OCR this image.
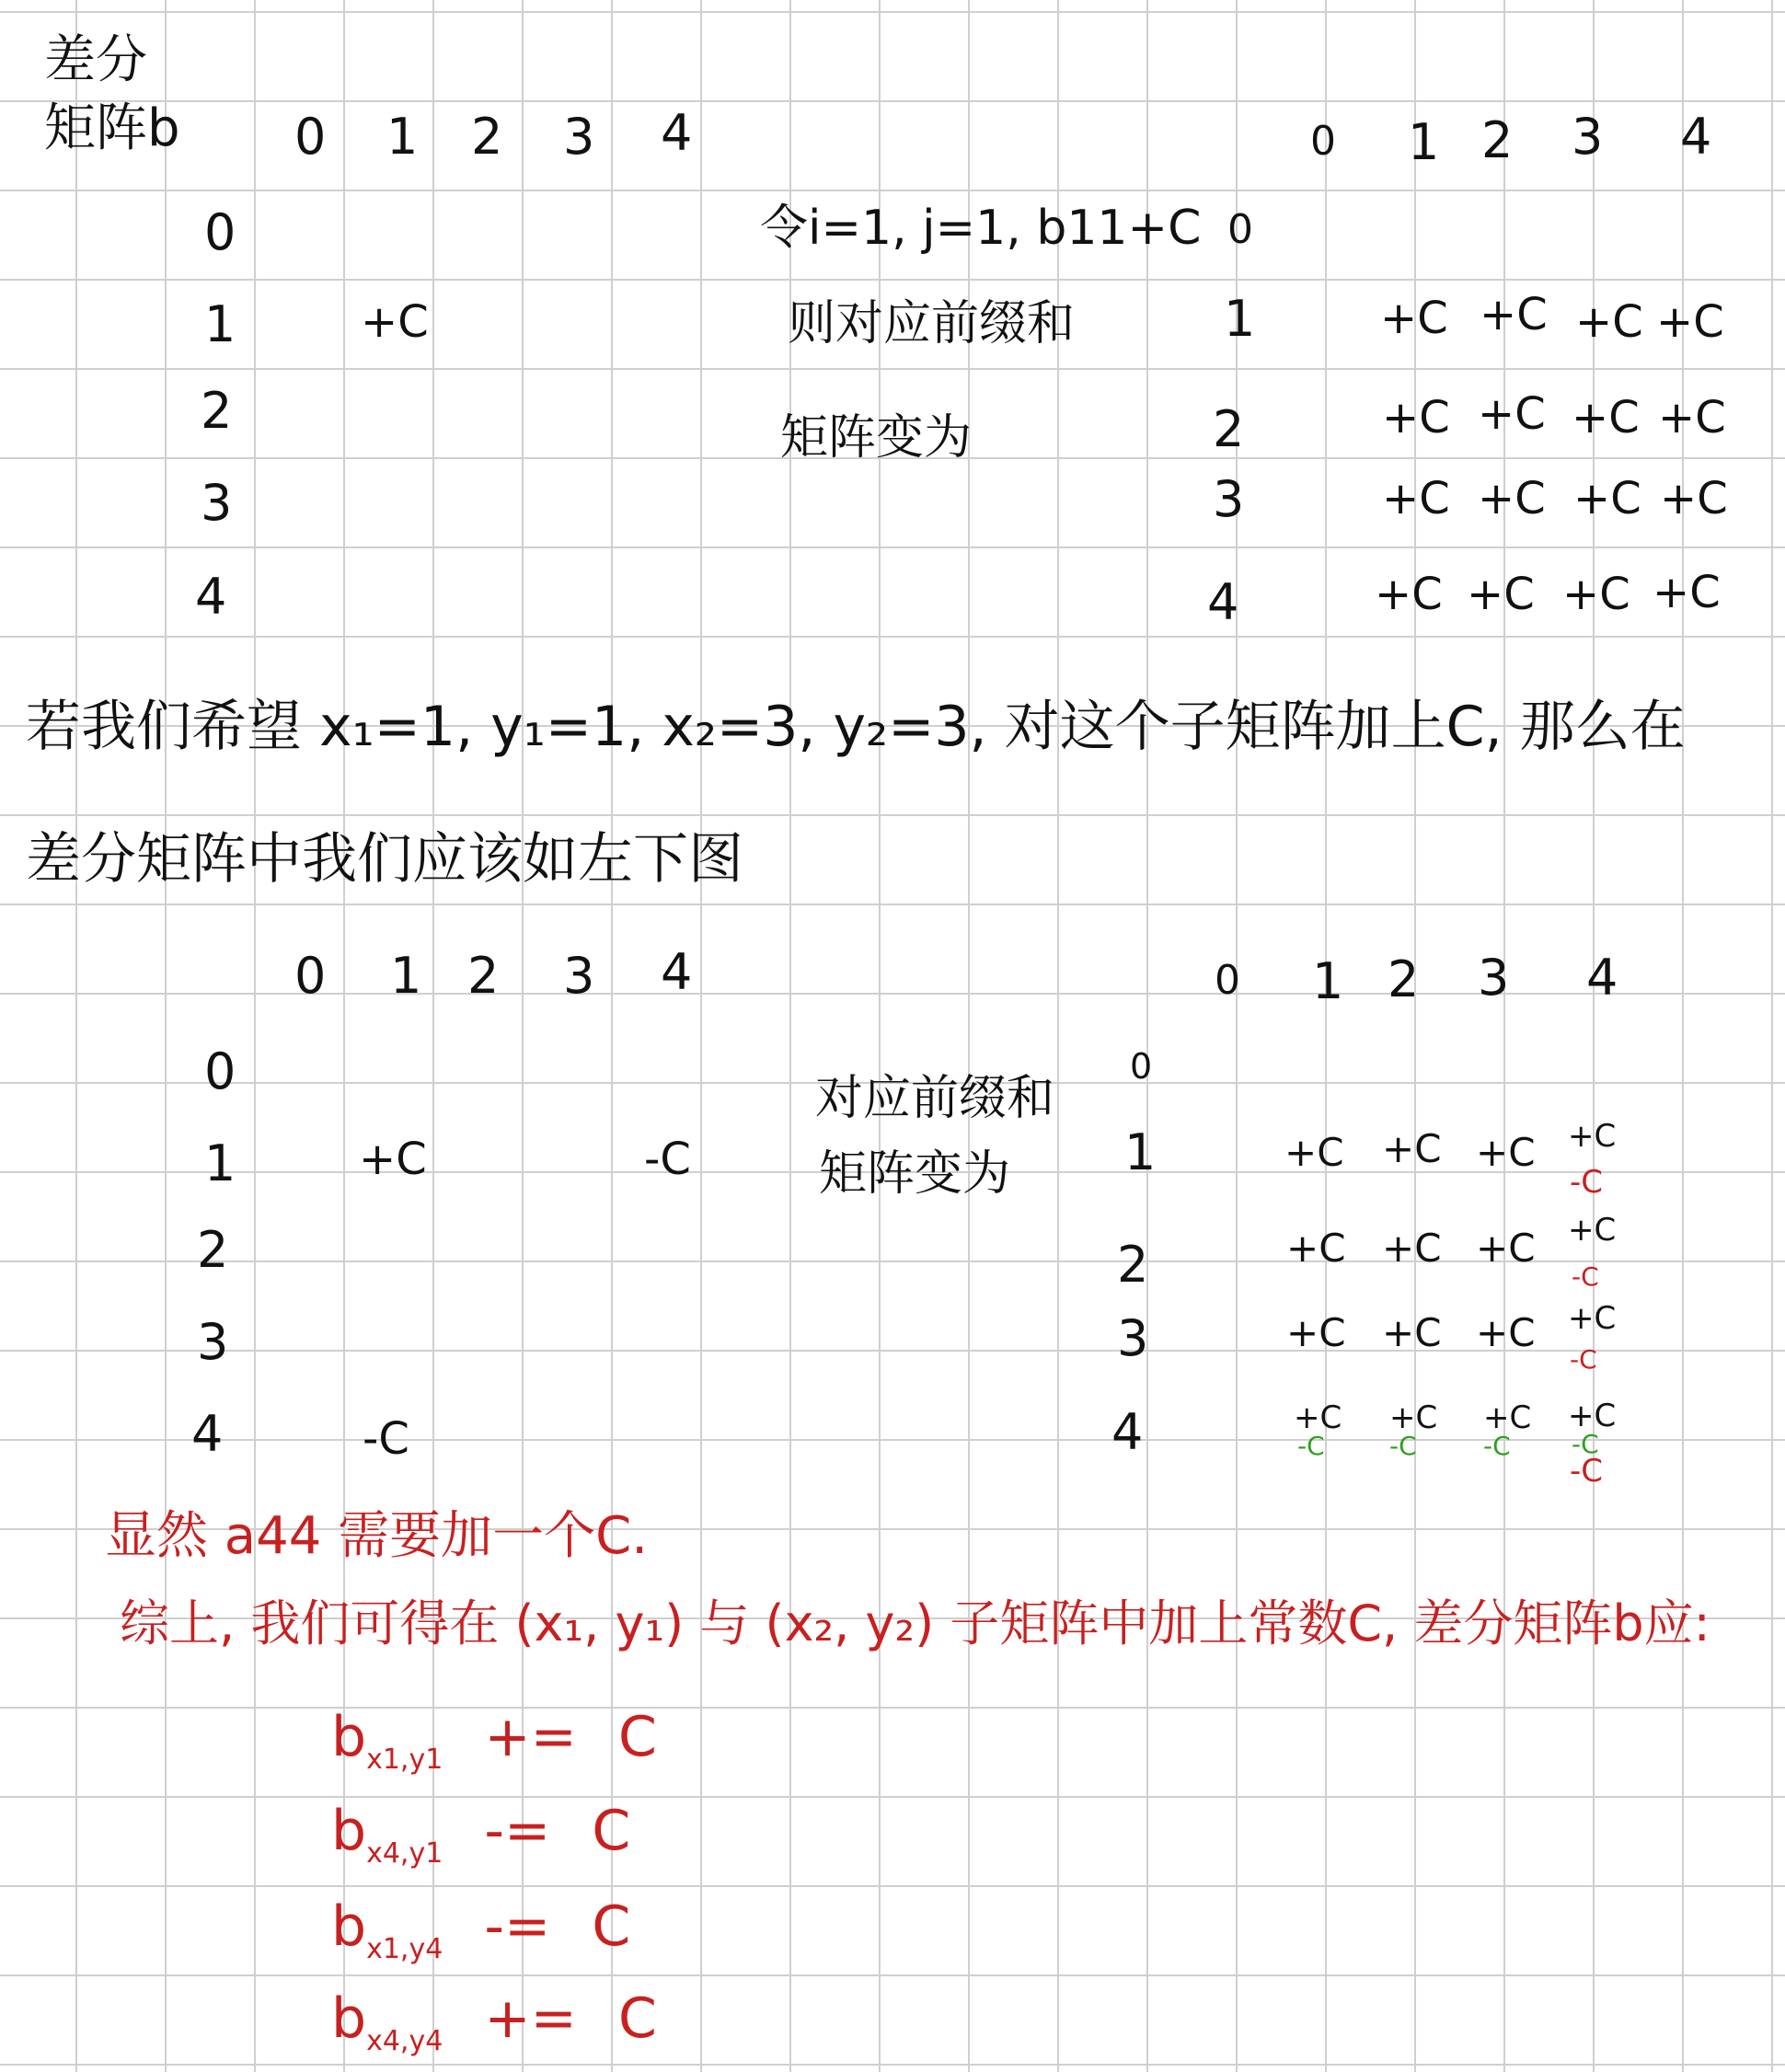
差分
矩阵b 0 1 2 3 4
0
1
2
3
4
+C
令i=1, j=1, b11+C
则对应前缀和
矩阵变为
0 1 2 3 4
0
1
2
3
4
+C +C +C +C
+C +C +C +C
+C +C +C +C
+C +C +C +C
若我们希望 x₁=1, y₁=1, x₂=3, y₂=3, 对这个子矩阵加上C, 那么在
差分矩阵中我们应该如左下图
0 1 2 3 4
0
1
2
3
4
+C	-C
-C
对应前缀和
矩阵变为
0 1 2 3 4
0
1
2
3
4
+C +C +C +C
-C
+C +C +C +C
-C
+C +C +C +C
-C
+C
-C
+C
-C
+C
-C
+C
-C
-C
显然 a44 需要加一个C.
综上, 我们可得在 (x₁, y₁) 与 (x₂, y₂) 子矩阵中加上常数C, 差分矩阵b应:
$b_{x1,y1} += C$
$b_{x4,y1} -= C$
$b_{x1,y4} -= C$
$b_{x4,y4} += C$
